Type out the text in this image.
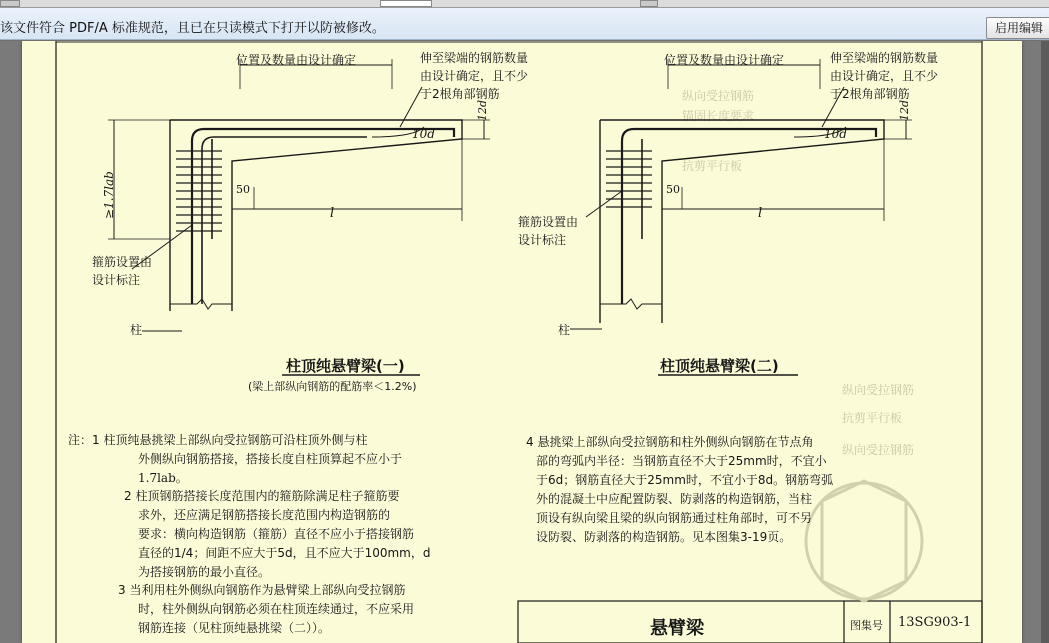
该文件符合 PDF/A 标准规范，且已在只读模式下打开以防被修改。	启用编辑
纵向受拉钢筋
锚固长度要求
抗剪平行板
纵向受拉钢筋
抗剪平行板
纵向受拉钢筋
位置及数量由设计确定	伸至梁端的钢筋数量
由设计确定，且不少
于2根角部钢筋
12d
10d
≥1.7lab	50
l
箍筋设置由
设计标注
柱
柱顶纯悬臂梁(一)
(梁上部纵向钢筋的配筋率＜1.2%)
位置及数量由设计确定	伸至梁端的钢筋数量
由设计确定，且不少
于2根角部钢筋
12d
10d
50
l
箍筋设置由
设计标注
柱
柱顶纯悬臂梁(二)
注：1 柱顶纯悬挑梁上部纵向受拉钢筋可沿柱顶外侧与柱
外侧纵向钢筋搭接，搭接长度自柱顶算起不应小于
1.7lab。
2 柱顶钢筋搭接长度范围内的箍筋除满足柱子箍筋要
求外，还应满足钢筋搭接长度范围内构造钢筋的
要求：横向构造钢筋（箍筋）直径不应小于搭接钢筋
直径的1/4；间距不应大于5d，且不应大于100mm，d
为搭接钢筋的最小直径。
3 当利用柱外侧纵向钢筋作为悬臂梁上部纵向受拉钢筋
时，柱外侧纵向钢筋必须在柱顶连续通过，不应采用
钢筋连接（见柱顶纯悬挑梁（二））。
4 悬挑梁上部纵向受拉钢筋和柱外侧纵向钢筋在节点角
部的弯弧内半径：当钢筋直径不大于25mm时，不宜小
于6d；钢筋直径大于25mm时，不宜小于8d。钢筋弯弧
外的混凝土中应配置防裂、防剥落的构造钢筋，当柱
顶设有纵向梁且梁的纵向钢筋通过柱角部时，可不另
设防裂、防剥落的构造钢筋。见本图集3-19页。
悬臂梁	图集号 13SG903-1
